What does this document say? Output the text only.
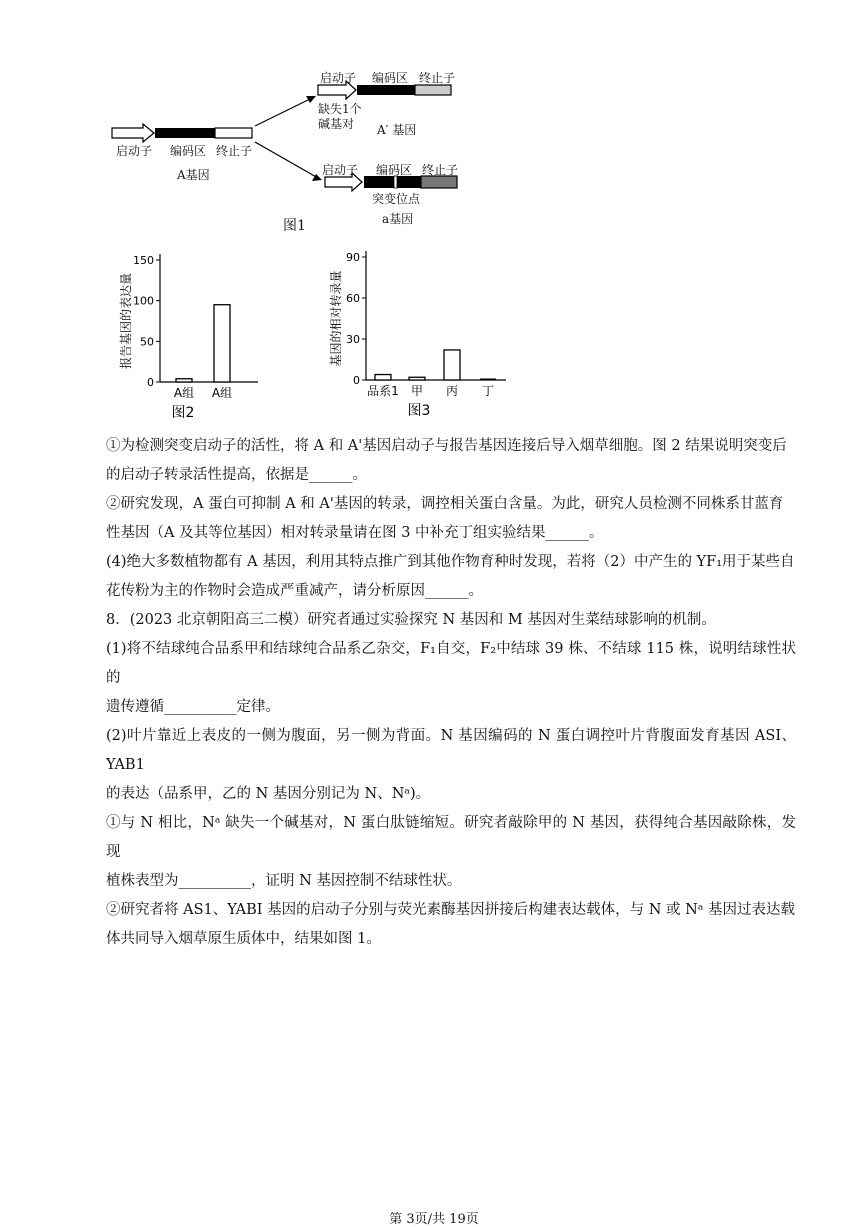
启动子 编码区 终止子
A基因
启动子 编码区 终止子
缺失1个
碱基对 A′ 基因
启动子 编码区 终止子
突变位点
a基因
图1
0
50
100
150
A组 A组
报告基因的表达量
图2
0
30
60
90
品系1 甲 丙 丁
基因的相对转录量
图3

①为检测突变启动子的活性，将 A 和 A'基因启动子与报告基因连接后导入烟草细胞。图 2 结果说明突变后

的启动子转录活性提高，依据是______。

②研究发现，A 蛋白可抑制 A 和 A'基因的转录，调控相关蛋白含量。为此，研究人员检测不同株系甘蓝育

性基因（A 及其等位基因）相对转录量请在图 3 中补充丁组实验结果______。

(4)绝大多数植物都有 A 基因，利用其特点推广到其他作物育种时发现，若将（2）中产生的 YF₁用于某些自

花传粉为主的作物时会造成严重减产，请分析原因______。

8．(2023 北京朝阳高三二模）研究者通过实验探究 N 基因和 M 基因对生菜结球影响的机制。

(1)将不结球纯合品系甲和结球纯合品系乙杂交，F₁自交，F₂中结球 39 株、不结球 115 株，说明结球性状的

遗传遵循__________定律。

(2)叶片靠近上表皮的一侧为腹面，另一侧为背面。N 基因编码的 N 蛋白调控叶片背腹面发育基因 ASI、YAB1

的表达（品系甲，乙的 N 基因分别记为 N、Nᵃ)。

①与 N 相比，Nᵃ 缺失一个碱基对，N 蛋白肽链缩短。研究者敲除甲的 N 基因，获得纯合基因敲除株，发现

植株表型为__________，证明 N 基因控制不结球性状。

②研究者将 AS1、YABI 基因的启动子分别与荧光素酶基因拼接后构建表达载体，与 N 或 Nᵃ 基因过表达载

体共同导入烟草原生质体中，结果如图 1。

第 3页/共 19页
